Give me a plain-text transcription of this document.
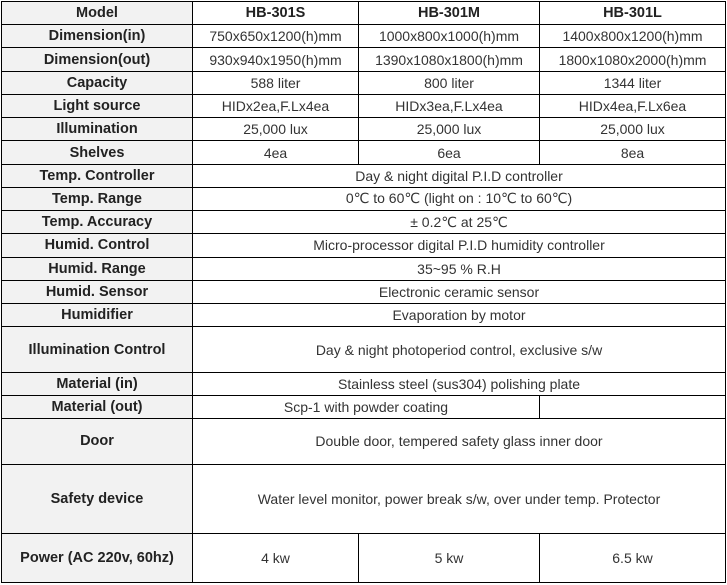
Model	HB-301S	HB-301M	HB-301L
Dimension(in)	750x650x1200(h)mm	1000x800x1000(h)mm	1400x800x1200(h)mm
Dimension(out)	930x940x1950(h)mm	1390x1080x1800(h)mm	1800x1080x2000(h)mm
Capacity	588 liter	800 liter	1344 liter
Light source	HIDx2ea,F.Lx4ea	HIDx3ea,F.Lx4ea	HIDx4ea,F.Lx6ea
Illumination	25,000 lux	25,000 lux	25,000 lux
Shelves	4ea	6ea	8ea
Temp. Controller	Day & night digital P.I.D controller		
Temp. Range	0℃ to 60℃ (light on : 10℃ to 60℃)		
Temp. Accuracy	± 0.2℃ at 25℃		
Humid. Control	Micro-processor digital P.I.D humidity controller		
Humid. Range	35~95 % R.H		
Humid. Sensor	Electronic ceramic sensor		
Humidifier	Evaporation by motor		
Illumination Control	Day & night photoperiod control, exclusive s/w		
Material (in)	Stainless steel (sus304) polishing plate		
Material (out)	Scp-1 with powder coating		
Door	Double door, tempered safety glass inner door		
Safety device	Water level monitor, power break s/w, over under temp. Protector		
Power (AC 220v, 60hz)	4 kw	5 kw	6.5 kw
